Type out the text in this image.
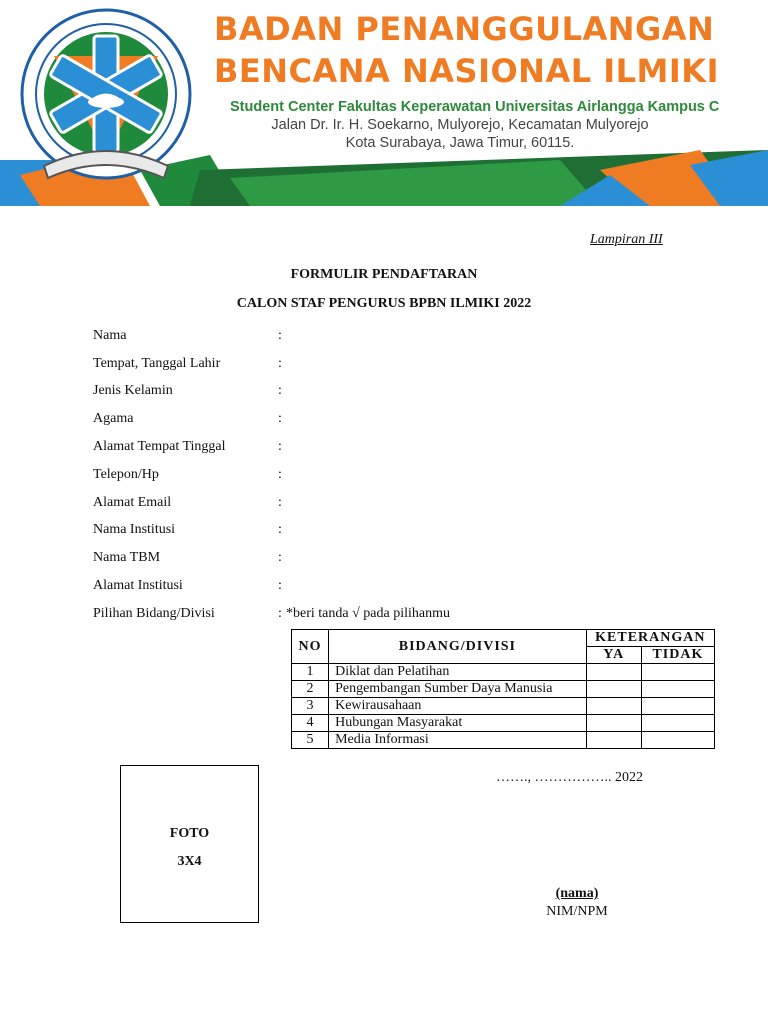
BADAN PENANGGULANGAN
BENCANA NASIONAL ILMIKI
Student Center Fakultas Keperawatan Universitas Airlangga Kampus C
Jalan Dr. Ir. H. Soekarno, Mulyorejo, Kecamatan Mulyorejo
Kota Surabaya, Jawa Timur, 60115.
Lampiran III
FORMULIR PENDAFTARAN
CALON STAF PENGURUS BPBN ILMIKI 2022
Nama	:
Tempat, Tanggal Lahir	:
Jenis Kelamin	:
Agama	:
Alamat Tempat Tinggal	:
Telepon/Hp	:
Alamat Email	:
Nama Institusi	:
Nama TBM	:
Alamat Institusi	:
Pilihan Bidang/Divisi	: *beri tanda √ pada pilihanmu
NO	BIDANG/DIVISI	KETERANGAN	
		YA	TIDAK
1	Diklat dan Pelatihan		
2	Pengembangan Sumber Daya Manusia		
3	Kewirausahaan		
4	Hubungan Masyarakat		
5	Media Informasi		
FOTO
3X4
……., …………….. 2022
(nama)
NIM/NPM
